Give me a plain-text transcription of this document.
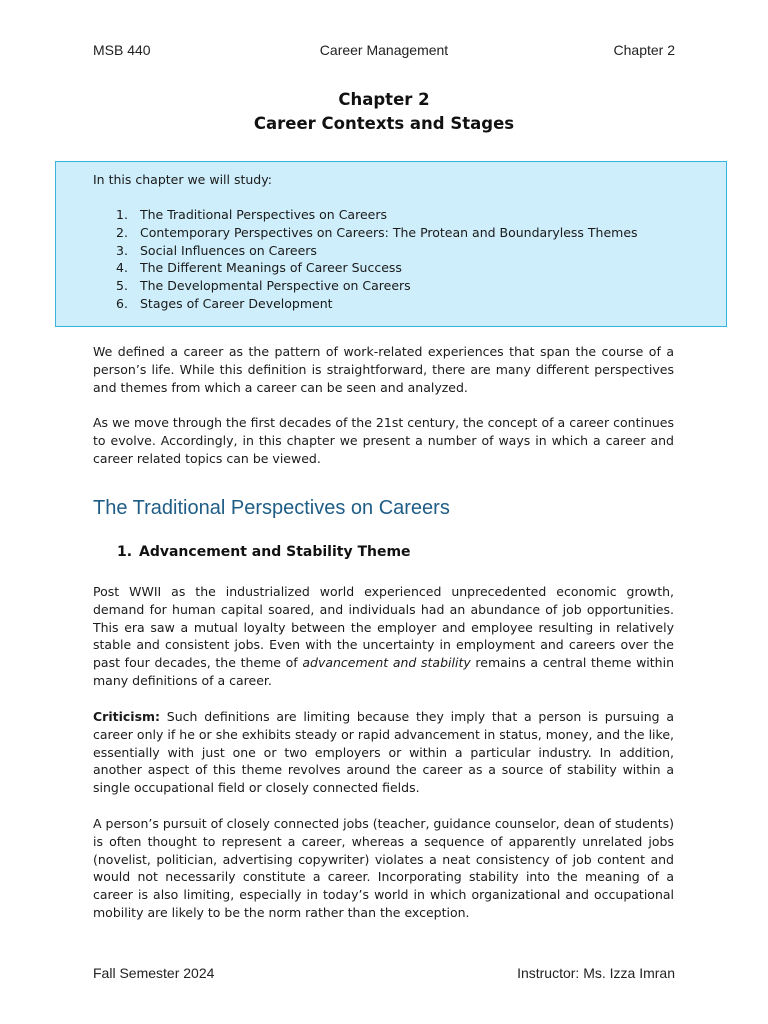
MSB 440	Career Management	Chapter 2
Chapter 2
Career Contexts and Stages
In this chapter we will study:
1. The Traditional Perspectives on Careers
2. Contemporary Perspectives on Careers: The Protean and Boundaryless Themes
3. Social Influences on Careers
4. The Different Meanings of Career Success
5. The Developmental Perspective on Careers
6. Stages of Career Development

We defined a career as the pattern of work-related experiences that span the course of a person’s life. While this definition is straightforward, there are many different perspectives and themes from which a career can be seen and analyzed.

As we move through the first decades of the 21st century, the concept of a career continues to evolve. Accordingly, in this chapter we present a number of ways in which a career and career related topics can be viewed.

The Traditional Perspectives on Careers
1. Advancement and Stability Theme

Post WWII as the industrialized world experienced unprecedented economic growth, demand for human capital soared, and individuals had an abundance of job opportunities. This era saw a mutual loyalty between the employer and employee resulting in relatively stable and consistent jobs. Even with the uncertainty in employment and careers over the past four decades, the theme of advancement and stability remains a central theme within many definitions of a career.

Criticism: Such definitions are limiting because they imply that a person is pursuing a career only if he or she exhibits steady or rapid advancement in status, money, and the like, essentially with just one or two employers or within a particular industry. In addition, another aspect of this theme revolves around the career as a source of stability within a single occupational field or closely connected fields.

A person’s pursuit of closely connected jobs (teacher, guidance counselor, dean of students) is often thought to represent a career, whereas a sequence of apparently unrelated jobs (novelist, politician, advertising copywriter) violates a neat consistency of job content and would not necessarily constitute a career. Incorporating stability into the meaning of a career is also limiting, especially in today’s world in which organizational and occupational mobility are likely to be the norm rather than the exception.

Fall Semester 2024	Instructor: Ms. Izza Imran
